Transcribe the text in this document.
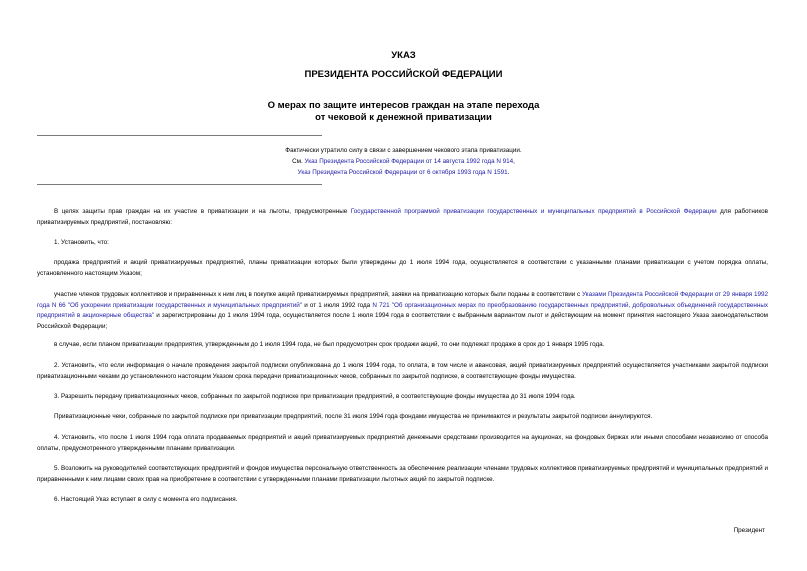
УКАЗ
ПРЕЗИДЕНТА РОССИЙСКОЙ ФЕДЕРАЦИИ
О мерах по защите интересов граждан на этапе перехода
от чековой к денежной приватизации
Фактически утратило силу в связи с завершением чекового этапа приватизации.
См. Указ Президента Российской Федерации от 14 августа 1992 года N 914,
Указ Президента Российской Федерации от 6 октября 1993 года N 1591.

В целях защиты прав граждан на их участие в приватизации и на льготы, предусмотренные Государственной программой приватизации государственных и муниципальных предприятий в Российской Федерации для работников приватизируемых предприятий, постановляю:

1. Установить, что:

продажа предприятий и акций приватизируемых предприятий, планы приватизации которых были утверждены до 1 июля 1994 года, осуществляется в соответствии с указанными планами приватизации с учетом порядка оплаты, установленного настоящим Указом;

участие членов трудовых коллективов и приравненных к ним лиц в покупке акций приватизируемых предприятий, заявки на приватизацию которых были поданы в соответствии с Указами Президента Российской Федерации от 29 января 1992 года N 66 "Об ускорении приватизации государственных и муниципальных предприятий" и от 1 июля 1992 года N 721 "Об организационных мерах по преобразованию государственных предприятий, добровольных объединений государственных предприятий в акционерные общества" и зарегистрированы до 1 июля 1994 года, осуществляется после 1 июля 1994 года в соответствии с выбранным вариантом льгот и действующим на момент принятия настоящего Указа законодательством Российской Федерации;

в случае, если планом приватизации предприятия, утвержденным до 1 июля 1994 года, не был предусмотрен срок продажи акций, то они подлежат продаже в срок до 1 января 1995 года.

2. Установить, что если информация о начале проведения закрытой подписки опубликована до 1 июля 1994 года, то оплата, в том числе и авансовая, акций приватизируемых предприятий осуществляется участниками закрытой подписки приватизационными чеками до установленного настоящим Указом срока передачи приватизационных чеков, собранных по закрытой подписке, в соответствующие фонды имущества.

3. Разрешить передачу приватизационных чеков, собранных по закрытой подписке при приватизации предприятий, в соответствующие фонды имущества до 31 июля 1994 года.

Приватизационные чеки, собранные по закрытой подписке при приватизации предприятий, после 31 июля 1994 года фондами имущества не принимаются и результаты закрытой подписки аннулируются.

4. Установить, что после 1 июля 1994 года оплата продаваемых предприятий и акций приватизируемых предприятий денежными средствами производится на аукционах, на фондовых биржах или иными способами независимо от способа оплаты, предусмотренного утвержденными планами приватизации.

5. Возложить на руководителей соответствующих предприятий и фондов имущества персональную ответственность за обеспечение реализации членами трудовых коллективов приватизируемых предприятий и муниципальных предприятий и приравненными к ним лицами своих прав на приобретение в соответствии с утвержденными планами приватизации льготных акций по закрытой подписке.

6. Настоящий Указ вступает в силу с момента его подписания.

Президент
